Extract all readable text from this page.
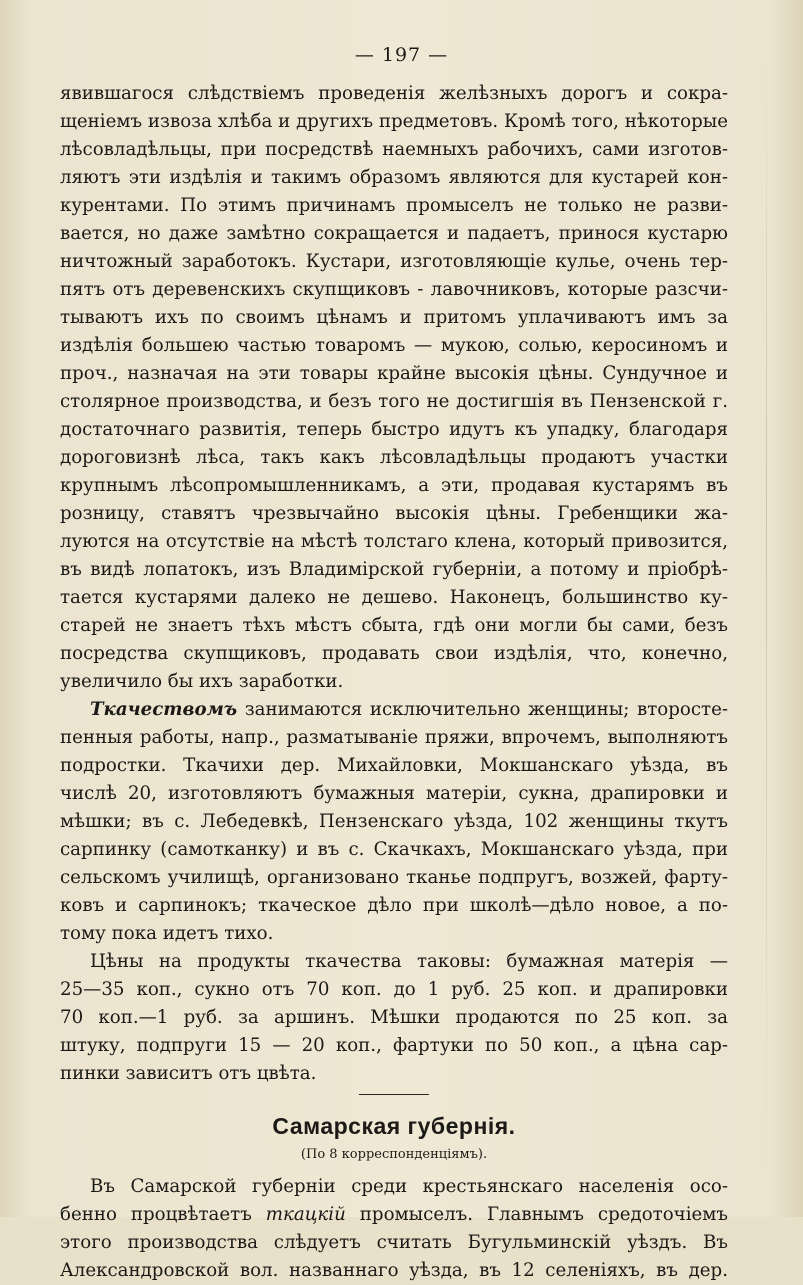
— 197 —
явившагося слѣдствіемъ проведенія желѣзныхъ дорогъ и сокра-
щеніемъ извоза хлѣба и другихъ предметовъ. Кромѣ того, нѣкоторые
лѣсовладѣльцы, при посредствѣ наемныхъ рабочихъ, сами изготов-
ляютъ эти издѣлія и такимъ образомъ являются для кустарей кон-
курентами. По этимъ причинамъ промыселъ не только не разви-
вается, но даже замѣтно сокращается и падаетъ, принося кустарю
ничтожный заработокъ. Кустари, изготовляющіе кулье, очень тер-
пятъ отъ деревенскихъ скупщиковъ - лавочниковъ, которые разсчи-
тываютъ ихъ по своимъ цѣнамъ и притомъ уплачиваютъ имъ за
издѣлія большею частью товаромъ — мукою, солью, керосиномъ и
проч., назначая на эти товары крайне высокія цѣны. Сундучное и
столярное производства, и безъ того не достигшія въ Пензенской г.
достаточнаго развитія, теперь быстро идутъ къ упадку, благодаря
дороговизнѣ лѣса, такъ какъ лѣсовладѣльцы продаютъ участки
крупнымъ лѣсопромышленникамъ, а эти, продавая кустарямъ въ
розницу, ставятъ чрезвычайно высокія цѣны. Гребенщики жа-
луются на отсутствіе на мѣстѣ толстаго клена, который привозится,
въ видѣ лопатокъ, изъ Владимірской губерніи, а потому и пріобрѣ-
тается кустарями далеко не дешево. Наконецъ, большинство ку-
старей не знаетъ тѣхъ мѣстъ сбыта, гдѣ они могли бы сами, безъ
посредства скупщиковъ, продавать свои издѣлія, что, конечно,
увеличило бы ихъ заработки.
Ткачествомъ занимаются исключительно женщины; второсте-
пенныя работы, напр., разматываніе пряжи, впрочемъ, выполняютъ
подростки. Ткачихи дер. Михайловки, Мокшанскаго уѣзда, въ
числѣ 20, изготовляютъ бумажныя матеріи, сукна, драпировки и
мѣшки; въ с. Лебедевкѣ, Пензенскаго уѣзда, 102 женщины ткутъ
сарпинку (самотканку) и въ с. Скачкахъ, Мокшанскаго уѣзда, при
сельскомъ училищѣ, организовано тканье подпругъ, возжей, фарту-
ковъ и сарпинокъ; ткаческое дѣло при школѣ—дѣло новое, а по-
тому пока идетъ тихо.
Цѣны на продукты ткачества таковы: бумажная матерія —
25—35 коп., сукно отъ 70 коп. до 1 руб. 25 коп. и драпировки
70 коп.—1 руб. за аршинъ. Мѣшки продаются по 25 коп. за
штуку, подпруги 15 — 20 коп., фартуки по 50 коп., а цѣна сар-
пинки зависитъ отъ цвѣта.
Самарская губернія.
(По 8 корреспонденціямъ).
Въ Самарской губерніи среди крестьянскаго населенія осо-
бенно процвѣтаетъ ткацкій промыселъ. Главнымъ средоточіемъ
этого производства слѣдуетъ считать Бугульминскій уѣздъ. Въ
Александровской вол. названнаго уѣзда, въ 12 селеніяхъ, въ дер.
